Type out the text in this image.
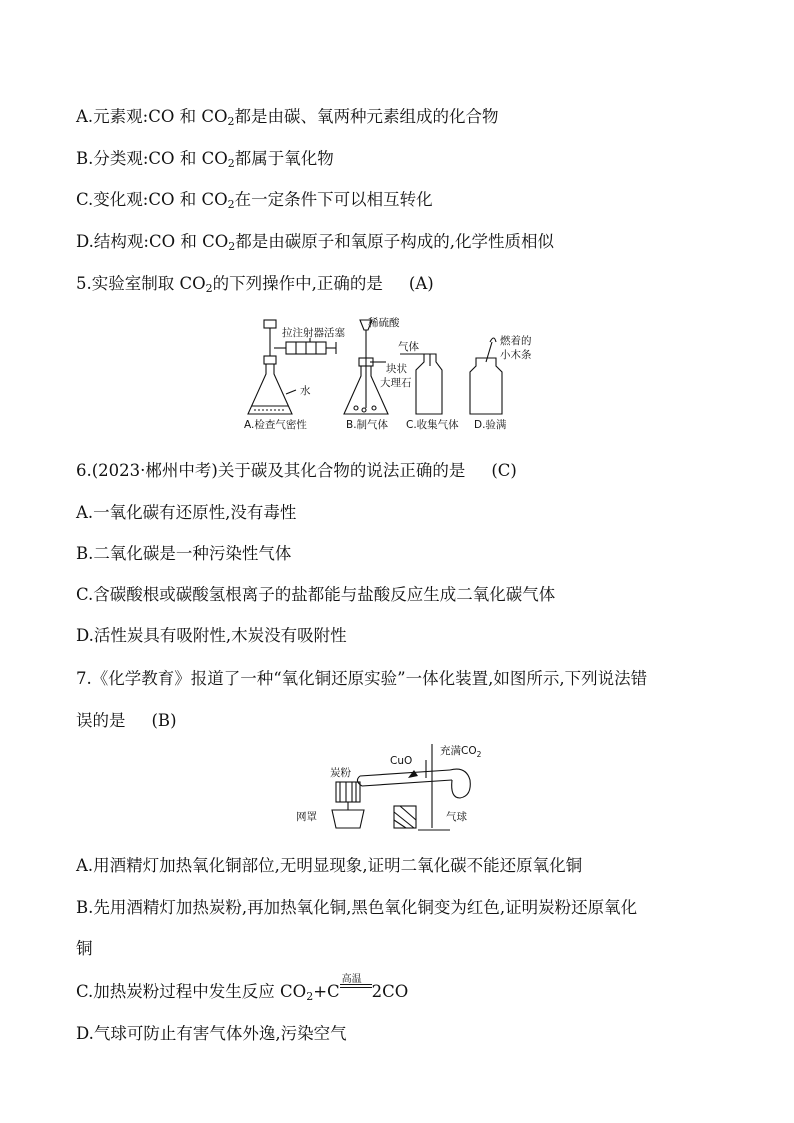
A.元素观:CO 和 $CO_2$都是由碳、氧两种元素组成的化合物
B.分类观:CO 和 $CO_2$都属于氧化物
C.变化观:CO 和 $CO_2$在一定条件下可以相互转化
D.结构观:CO 和 $CO_2$都是由碳原子和氧原子构成的,化学性质相似
5.实验室制取 $CO_2$的下列操作中,正确的是 (A)
拉注射器活塞
水
A.检查气密性
稀硫酸
块状
大理石
B.制气体
气体
C.收集气体
燃着的
小木条
D.验满
6.(2023·郴州中考)关于碳及其化合物的说法正确的是 (C)
A.一氧化碳有还原性,没有毒性
B.二氧化碳是一种污染性气体
C.含碳酸根或碳酸氢根离子的盐都能与盐酸反应生成二氧化碳气体
D.活性炭具有吸附性,木炭没有吸附性
7.《化学教育》报道了一种“氧化铜还原实验”一体化装置,如图所示,下列说法错
误的是 (B)
网罩
CuO
充满$CO_2$
炭粉
气球
A.用酒精灯加热氧化铜部位,无明显现象,证明二氧化碳不能还原氧化铜
B.先用酒精灯加热炭粉,再加热氧化铜,黑色氧化铜变为红色,证明炭粉还原氧化
铜
C.加热炭粉过程中发生反应 $CO_2+C$
高温
2CO
D.气球可防止有害气体外逸,污染空气
